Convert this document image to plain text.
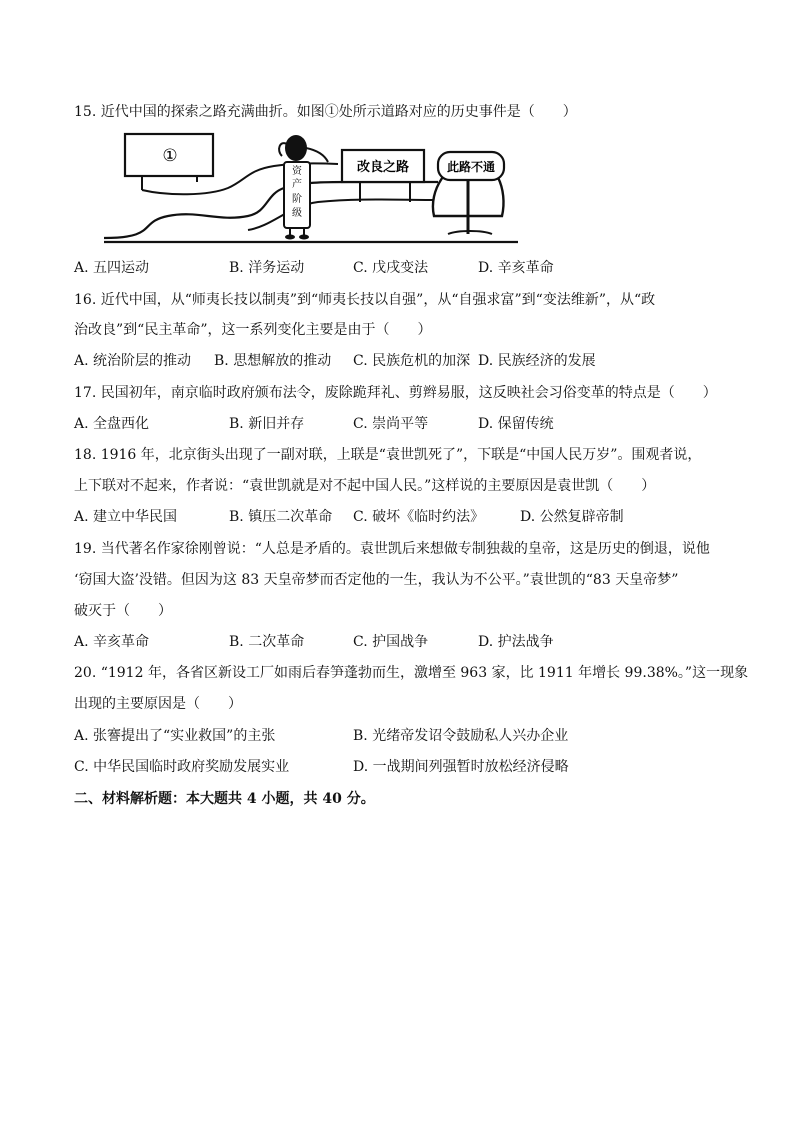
15. 近代中国的探索之路充满曲折。如图①处所示道路对应的历史事件是（　　）
①
资
产
阶
级
改良之路	此路不通
A. 五四运动	B. 洋务运动	C. 戊戌变法	D. 辛亥革命
16. 近代中国，从“师夷长技以制夷”到“师夷长技以自强”，从“自强求富”到“变法维新”，从“政
治改良”到“民主革命”，这一系列变化主要是由于（　　）
A. 统治阶层的推动 B. 思想解放的推动 C. 民族危机的加深 D. 民族经济的发展
17. 民国初年，南京临时政府颁布法令，废除跪拜礼、剪辫易服，这反映社会习俗变革的特点是（　　）
A. 全盘西化	B. 新旧并存	C. 崇尚平等	D. 保留传统
18. 1916 年，北京街头出现了一副对联，上联是“袁世凯死了”，下联是“中国人民万岁”。围观者说，
上下联对不起来，作者说：“袁世凯就是对不起中国人民。”这样说的主要原因是袁世凯（　　）
A. 建立中华民国	B. 镇压二次革命 C. 破坏《临时约法》	D. 公然复辟帝制
19. 当代著名作家徐刚曾说：“人总是矛盾的。袁世凯后来想做专制独裁的皇帝，这是历史的倒退，说他
‘窃国大盗’没错。但因为这 83 天皇帝梦而否定他的一生，我认为不公平。”袁世凯的“83 天皇帝梦”
破灭于（　　）
A. 辛亥革命	B. 二次革命	C. 护国战争	D. 护法战争
20. “1912 年，各省区新设工厂如雨后春笋蓬勃而生，激增至 963 家，比 1911 年增长 99.38%。”这一现象
出现的主要原因是（　　）
A. 张謇提出了“实业救国”的主张	B. 光绪帝发诏令鼓励私人兴办企业
C. 中华民国临时政府奖励发展实业	D. 一战期间列强暂时放松经济侵略
二、材料解析题：本大题共 4 小题，共 40 分。
